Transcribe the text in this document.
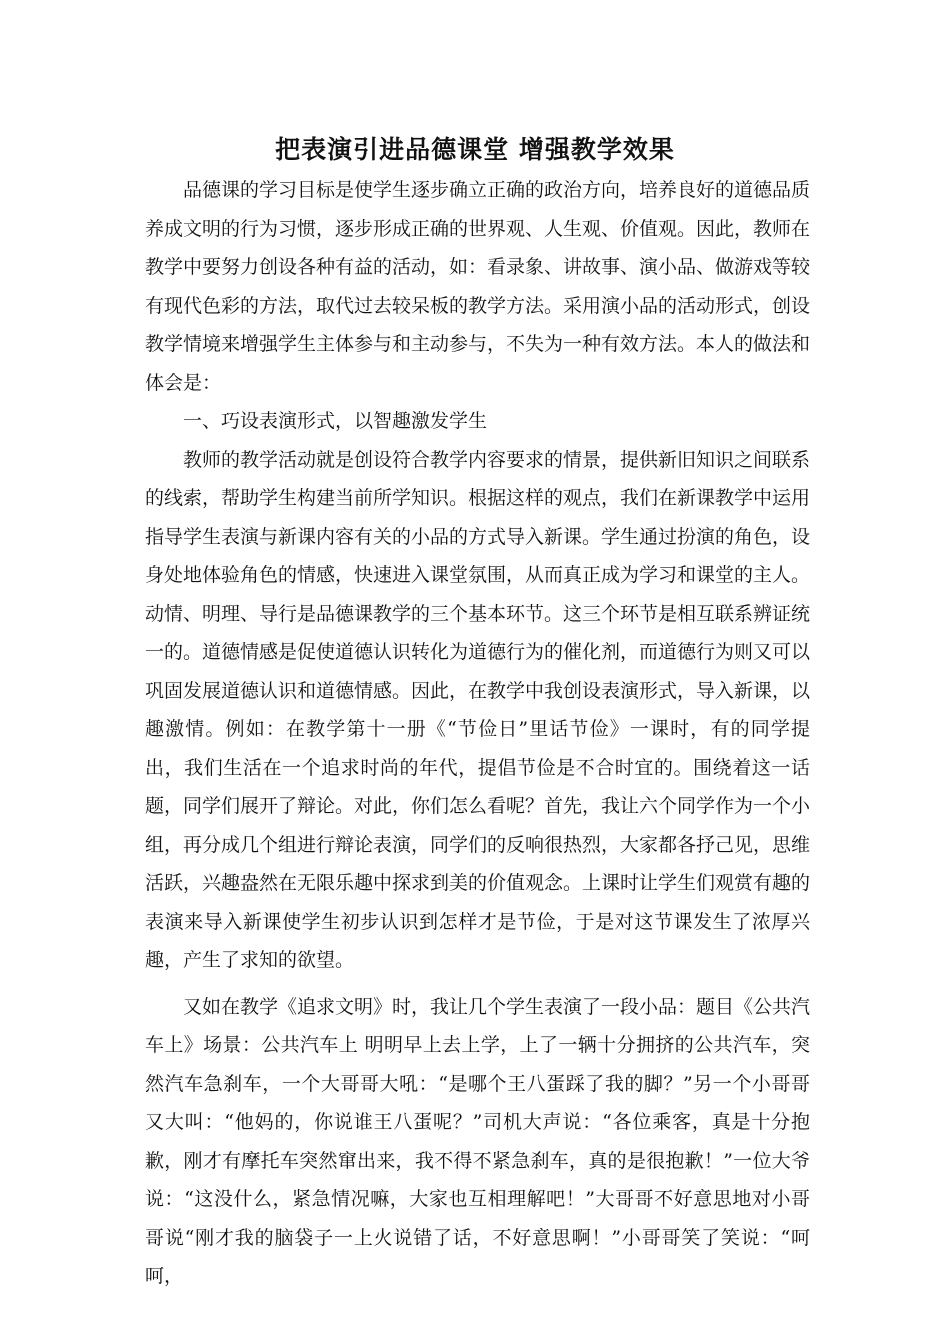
把表演引进品德课堂 增强教学效果

品德课的学习目标是使学生逐步确立正确的政治方向，培养良好的道德品质养成文明的行为习惯，逐步形成正确的世界观、人生观、价值观。因此，教师在教学中要努力创设各种有益的活动，如：看录象、讲故事、演小品、做游戏等较有现代色彩的方法，取代过去较呆板的教学方法。采用演小品的活动形式，创设教学情境来增强学生主体参与和主动参与，不失为一种有效方法。本人的做法和体会是：

一、巧设表演形式，以智趣激发学生

教师的教学活动就是创设符合教学内容要求的情景，提供新旧知识之间联系的线索，帮助学生构建当前所学知识。根据这样的观点，我们在新课教学中运用指导学生表演与新课内容有关的小品的方式导入新课。学生通过扮演的角色，设身处地体验角色的情感，快速进入课堂氛围，从而真正成为学习和课堂的主人。动情、明理、导行是品德课教学的三个基本环节。这三个环节是相互联系辨证统一的。道德情感是促使道德认识转化为道德行为的催化剂，而道德行为则又可以巩固发展道德认识和道德情感。因此，在教学中我创设表演形式，导入新课，以趣激情。例如：在教学第十一册《“节俭日”里话节俭》一课时，有的同学提出，我们生活在一个追求时尚的年代，提倡节俭是不合时宜的。围绕着这一话题，同学们展开了辩论。对此，你们怎么看呢？首先，我让六个同学作为一个小组，再分成几个组进行辩论表演，同学们的反响很热烈，大家都各抒己见，思维活跃，兴趣盎然在无限乐趣中探求到美的价值观念。上课时让学生们观赏有趣的表演来导入新课使学生初步认识到怎样才是节俭，于是对这节课发生了浓厚兴趣，产生了求知的欲望。

又如在教学《追求文明》时，我让几个学生表演了一段小品：题目《公共汽车上》场景：公共汽车上 明明早上去上学，上了一辆十分拥挤的公共汽车，突然汽车急刹车，一个大哥哥大吼：“是哪个王八蛋踩了我的脚？”另一个小哥哥又大叫：“他妈的，你说谁王八蛋呢？”司机大声说：“各位乘客，真是十分抱歉，刚才有摩托车突然窜出来，我不得不紧急刹车，真的是很抱歉！”一位大爷说：“这没什么，紧急情况嘛，大家也互相理解吧！”大哥哥不好意思地对小哥哥说“刚才我的脑袋子一上火说错了话，不好意思啊！”小哥哥笑了笑说：“呵呵，
